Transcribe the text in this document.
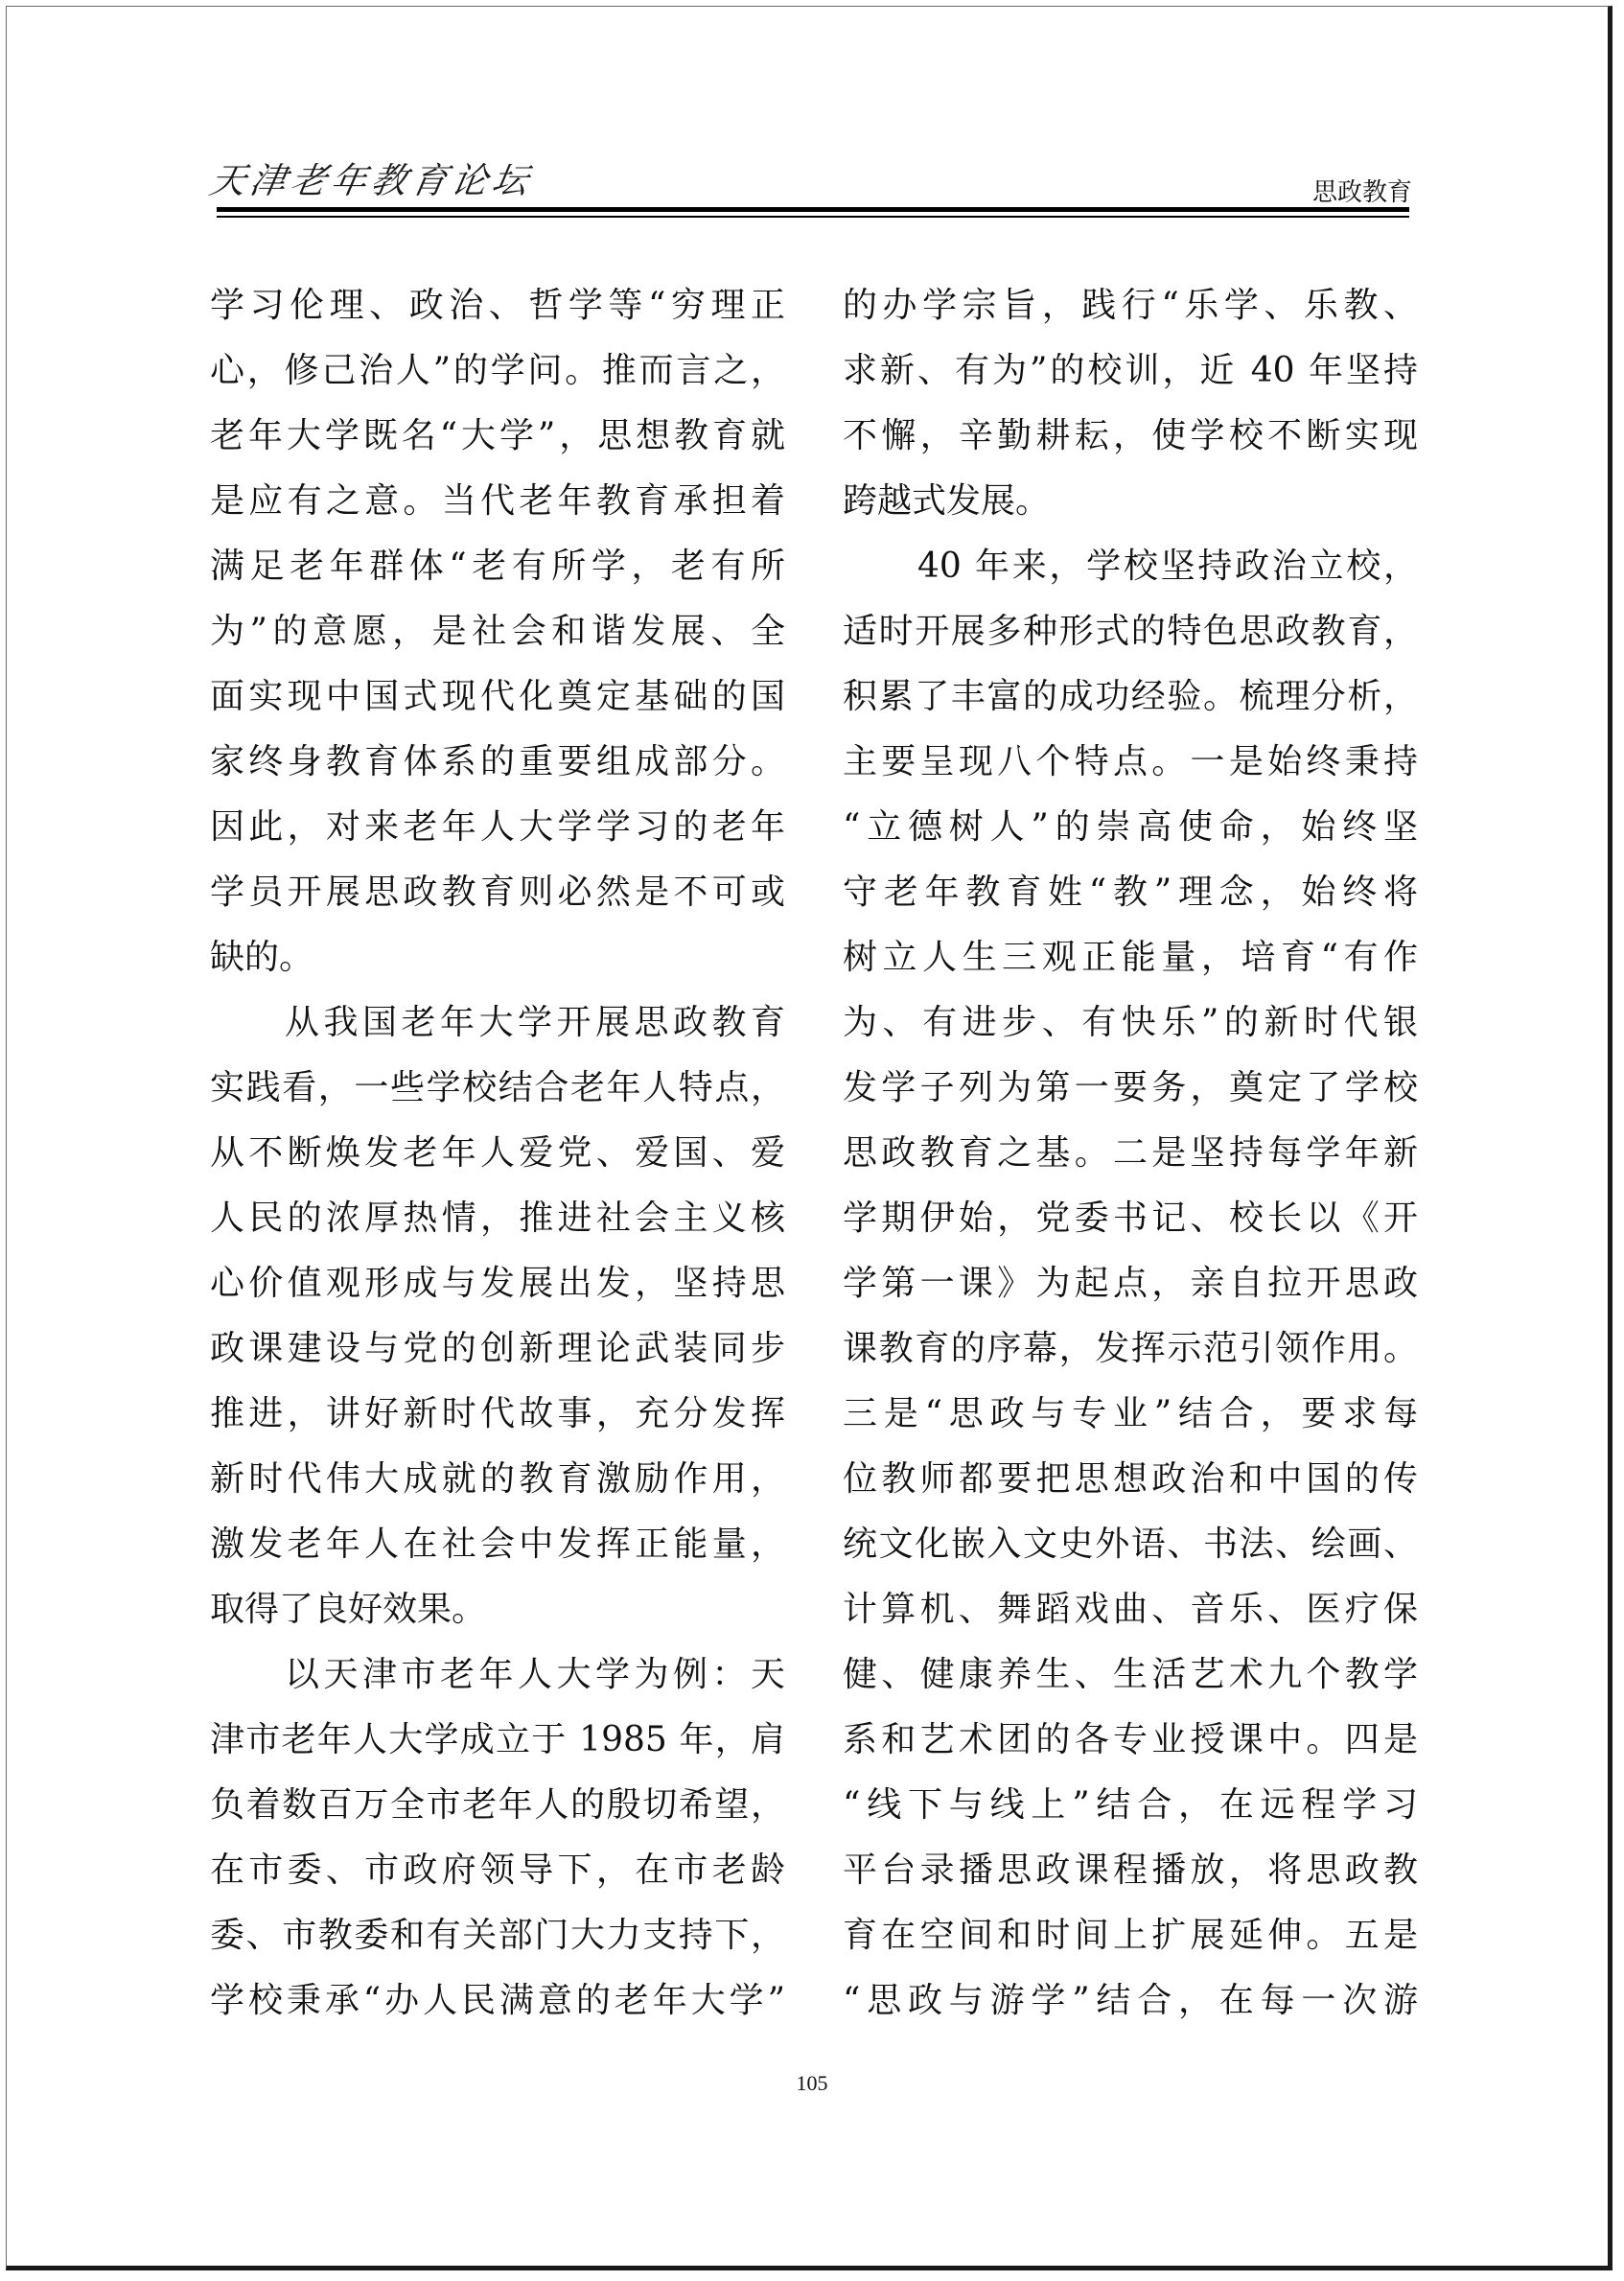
天津老年教育论坛	思政教育
学习伦理、政治、哲学等“穷理正
心，修己治人”的学问。推而言之，
老年大学既名“大学”，思想教育就
是应有之意。当代老年教育承担着
满足老年群体“老有所学，老有所
为”的意愿，是社会和谐发展、全
面实现中国式现代化奠定基础的国
家终身教育体系的重要组成部分。
因此，对来老年人大学学习的老年
学员开展思政教育则必然是不可或
缺的。
从我国老年大学开展思政教育
实践看，一些学校结合老年人特点，
从不断焕发老年人爱党、爱国、爱
人民的浓厚热情，推进社会主义核
心价值观形成与发展出发，坚持思
政课建设与党的创新理论武装同步
推进，讲好新时代故事，充分发挥
新时代伟大成就的教育激励作用，
激发老年人在社会中发挥正能量，
取得了良好效果。
以天津市老年人大学为例：天
津市老年人大学成立于 1985 年，肩
负着数百万全市老年人的殷切希望，
在市委、市政府领导下，在市老龄
委、市教委和有关部门大力支持下，
学校秉承“办人民满意的老年大学”
的办学宗旨，践行“乐学、乐教、
求新、有为”的校训，近 40 年坚持
不懈，辛勤耕耘，使学校不断实现
跨越式发展。
40 年来，学校坚持政治立校，
适时开展多种形式的特色思政教育，
积累了丰富的成功经验。梳理分析，
主要呈现八个特点。一是始终秉持
“立德树人”的崇高使命，始终坚
守老年教育姓“教”理念，始终将
树立人生三观正能量，培育“有作
为、有进步、有快乐”的新时代银
发学子列为第一要务，奠定了学校
思政教育之基。二是坚持每学年新
学期伊始，党委书记、校长以《开
学第一课》为起点，亲自拉开思政
课教育的序幕，发挥示范引领作用。
三是“思政与专业”结合，要求每
位教师都要把思想政治和中国的传
统文化嵌入文史外语、书法、绘画、
计算机、舞蹈戏曲、音乐、医疗保
健、健康养生、生活艺术九个教学
系和艺术团的各专业授课中。四是
“线下与线上”结合，在远程学习
平台录播思政课程播放，将思政教
育在空间和时间上扩展延伸。五是
“思政与游学”结合，在每一次游
105
